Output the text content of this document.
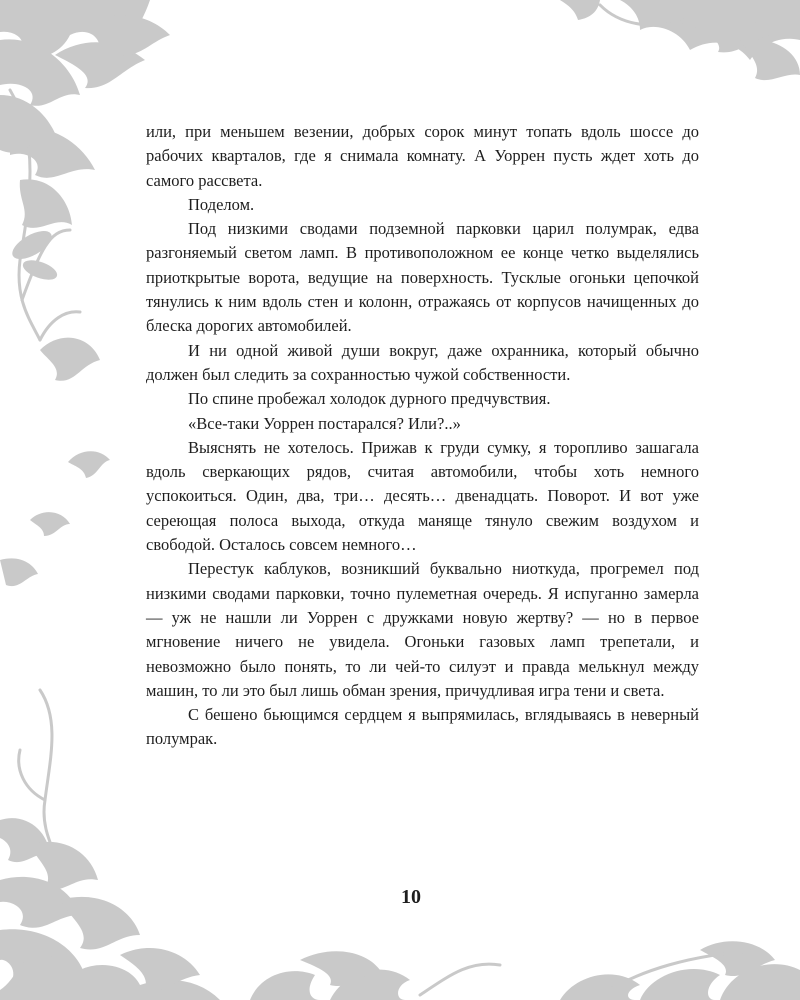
или, при меньшем везении, добрых сорок минут топать вдоль шоссе до рабочих кварталов, где я снимала комнату. А Уоррен пусть ждет хоть до самого рассвета.

Поделом.

Под низкими сводами подземной парковки царил полумрак, едва разгоняемый светом ламп. В противоположном ее конце четко выделялись приоткрытые ворота, ведущие на поверхность. Тусклые огоньки цепочкой тянулись к ним вдоль стен и колонн, отражаясь от корпусов начищенных до блеска дорогих автомобилей.

И ни одной живой души вокруг, даже охранника, который обычно должен был следить за сохранностью чужой собственности.

По спине пробежал холодок дурного предчувствия.

«Все-таки Уоррен постарался? Или?..»

Выяснять не хотелось. Прижав к груди сумку, я торопливо зашагала вдоль сверкающих рядов, считая автомобили, чтобы хоть немного успокоиться. Один, два, три… десять… двенадцать. Поворот. И вот уже сереющая полоса выхода, откуда маняще тянуло свежим воздухом и свободой. Осталось совсем немного…

Перестук каблуков, возникший буквально ниоткуда, прогремел под низкими сводами парковки, точно пулеметная очередь. Я испуганно замерла — уж не нашли ли Уоррен с дружками новую жертву? — но в первое мгновение ничего не увидела. Огоньки газовых ламп трепетали, и невозможно было понять, то ли чей-то силуэт и правда мелькнул между машин, то ли это был лишь обман зрения, причудливая игра тени и света.

С бешено бьющимся сердцем я выпрямилась, вглядываясь в неверный полумрак.

10
